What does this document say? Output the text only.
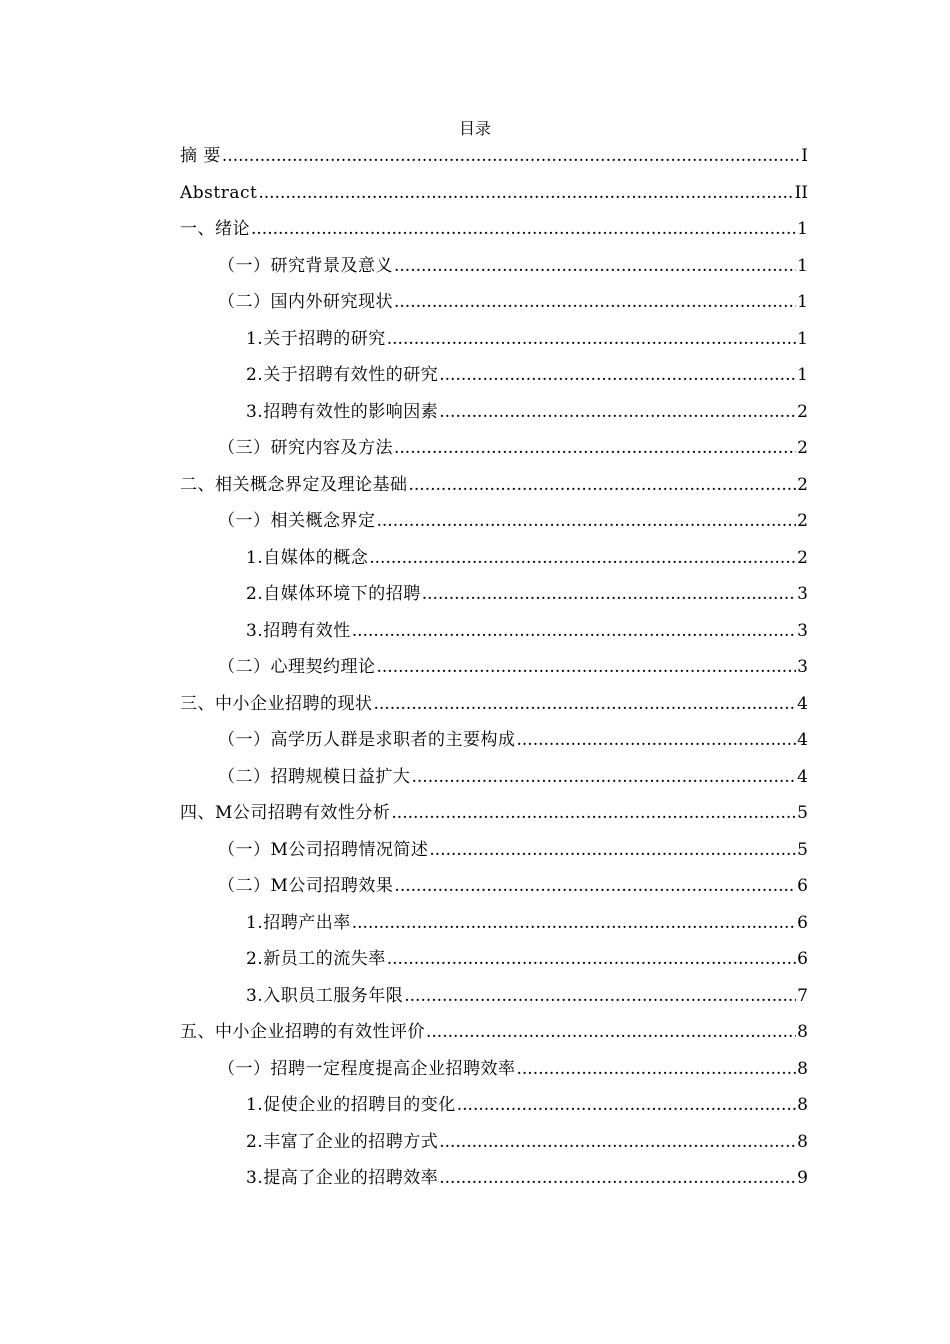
目录
摘 要 .....	I
Abstract .....	II
一、绪论 .....	1
（一）研究背景及意义 .....	1
（二）国内外研究现状 .....	1
1.关于招聘的研究 .....	1
2.关于招聘有效性的研究 .....	1
3.招聘有效性的影响因素 .....	2
（三）研究内容及方法 .....	2
二、相关概念界定及理论基础 .....	2
（一）相关概念界定 .....	2
1.自媒体的概念 .....	2
2.自媒体环境下的招聘 .....	3
3.招聘有效性 .....	3
（二）心理契约理论 .....	3
三、中小企业招聘的现状 .....	4
（一）高学历人群是求职者的主要构成 .....	4
（二）招聘规模日益扩大 .....	4
四、M公司招聘有效性分析 .....	5
（一）M公司招聘情况简述 .....	5
（二）M公司招聘效果 .....	6
1.招聘产出率 .....	6
2.新员工的流失率 .....	6
3.入职员工服务年限 .....	7
五、中小企业招聘的有效性评价 .....	8
（一）招聘一定程度提高企业招聘效率 .....	8
1.促使企业的招聘目的变化 .....	8
2.丰富了企业的招聘方式 .....	8
3.提高了企业的招聘效率 .....	9
